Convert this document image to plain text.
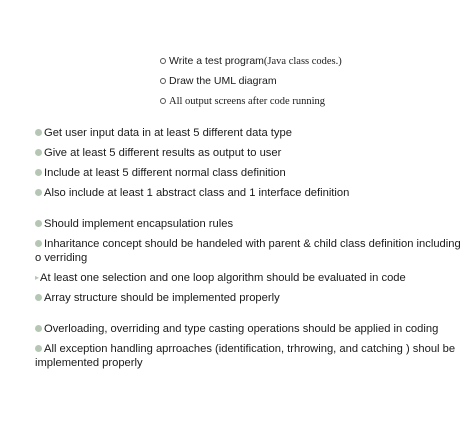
Write a test program (Java class codes.)
Draw the UML diagram
All output screens after code running
Get user input data in at least 5 different data type
Give at least 5 different results as output to user
Include at least 5 different normal class definition
Also include at least 1 abstract class and 1 interface definition
Should implement encapsulation rules
Inharitance concept should be handeled with parent & child class definition including o verriding
▸At least one selection and one loop algorithm should be evaluated in code
Array structure should be implemented properly
Overloading, overriding and type casting operations should be applied in coding
All exception handling aprroaches (identification, trhrowing, and catching ) shoul be implemented properly
